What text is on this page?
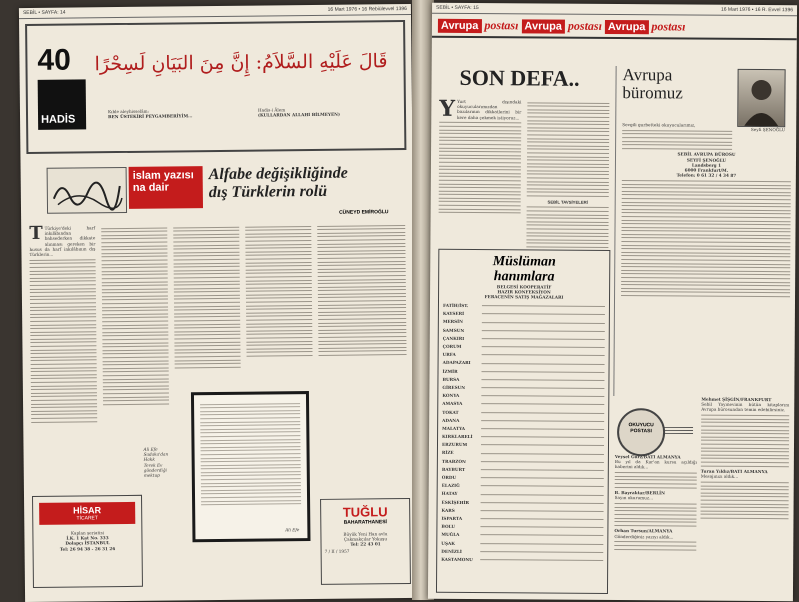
SEBİL • SAYFA: 14	16 Mart 1976 • 16 Rebiülevvel 1396
40
HADİS
قَالَ عَلَيْهِ السَّلاَمُ: إِنَّ مِنَ البَيَانِ لَسِحْرًا
Kıble aleyhisselâm:
BEN ÜSTEKİRİ PEYGAMBERİYİM...
Hadis-i Âlem
(KULLARDAN ALLAHI BİLMEYEN)
islam yazısı na dair
Alfabe değişikliğinde
dış Türklerin rolü
CÜNEYD EMİROĞLU
T Türkiye'deki harf inkılâbından bahsederken dikkate alınması gereken bir husus da harf inkılâbının dış Türklerin...
Ali Efe
Sadaka'dan
Hakk
Terek Ev
gönderdiği
mektup
Ali Efe
7 / II / 1957
HİSAR
TİCARET
Kaplan şeriatisi
İ.K. 1 Kat No. 333
Dolapçı İSTANBUL
Tel: 26 94 38 - 26 31 26
TUĞLU
BAHARATHANESİ
Büyük Yeni Han avlu
Çakmakçılar Yokuşu
Tel: 22 43 01
SEBİL • SAYFA: 15	16 Mart 1976 • 16 R. Evvel 1396
Avrupa postası Avrupa postası Avrupa postası
SON DEFA..
Y Yurt dışındaki okuyucularımızdan bazılarının dikkatlerini bir kere daha çekmek istiyoruz...
SEBİL TAVSİYELERİ
Avrupa
büromuz
Seyfi ŞENOĞLU
Sevgili gurbetteki okuyucularımız,
SEBİL AVRUPA BÜROSU
SEYFİ ŞENOĞLU
Landsberg 1
6000 Frankfurt/M.
Telefon: 0 61 32 / 4 34 87
Müslüman
hanımlara
BELGESİ KOOPERATİF
HAZIR KONFEKSİYON
FERACENİN SATIŞ MAĞAZALARI
FATİH/İST.
KAYSERİ
MERSİN
SAMSUN
ÇANKIRI
ÇORUM
URFA
ADAPAZARI
İZMİR
BURSA
GİRESUN
KONYA
AMASYA
TOKAT
ADANA
MALATYA
KIRKLARELİ
ERZURUM
RİZE
TRABZON
BAYBURT
ORDU
ELAZIĞ
HATAY
ESKİŞEHİR
KARS
ISPARTA
BOLU
MUĞLA
UŞAK
DENİZLİ
KASTAMONU
OKUYUCU
POSTASI
Veysel Gürz/BATI ALMANYA
Bu yıl da Kur'an kursu açıldığı haberini aldık...
B. Bayraktar/BERLİN
Sayın okurumuz...
Orhan Tursun/ALMANYA
Gönderdiğiniz yazıyı aldık...
Mehmet ŞİŞGİN/FRANKFURT
Sebil Yayınevinin bütün kitaplarını Avrupa bürosundan temin edebilirsiniz.
Turan Yıldız/BATI ALMANYA
Mesajınızı aldık...
